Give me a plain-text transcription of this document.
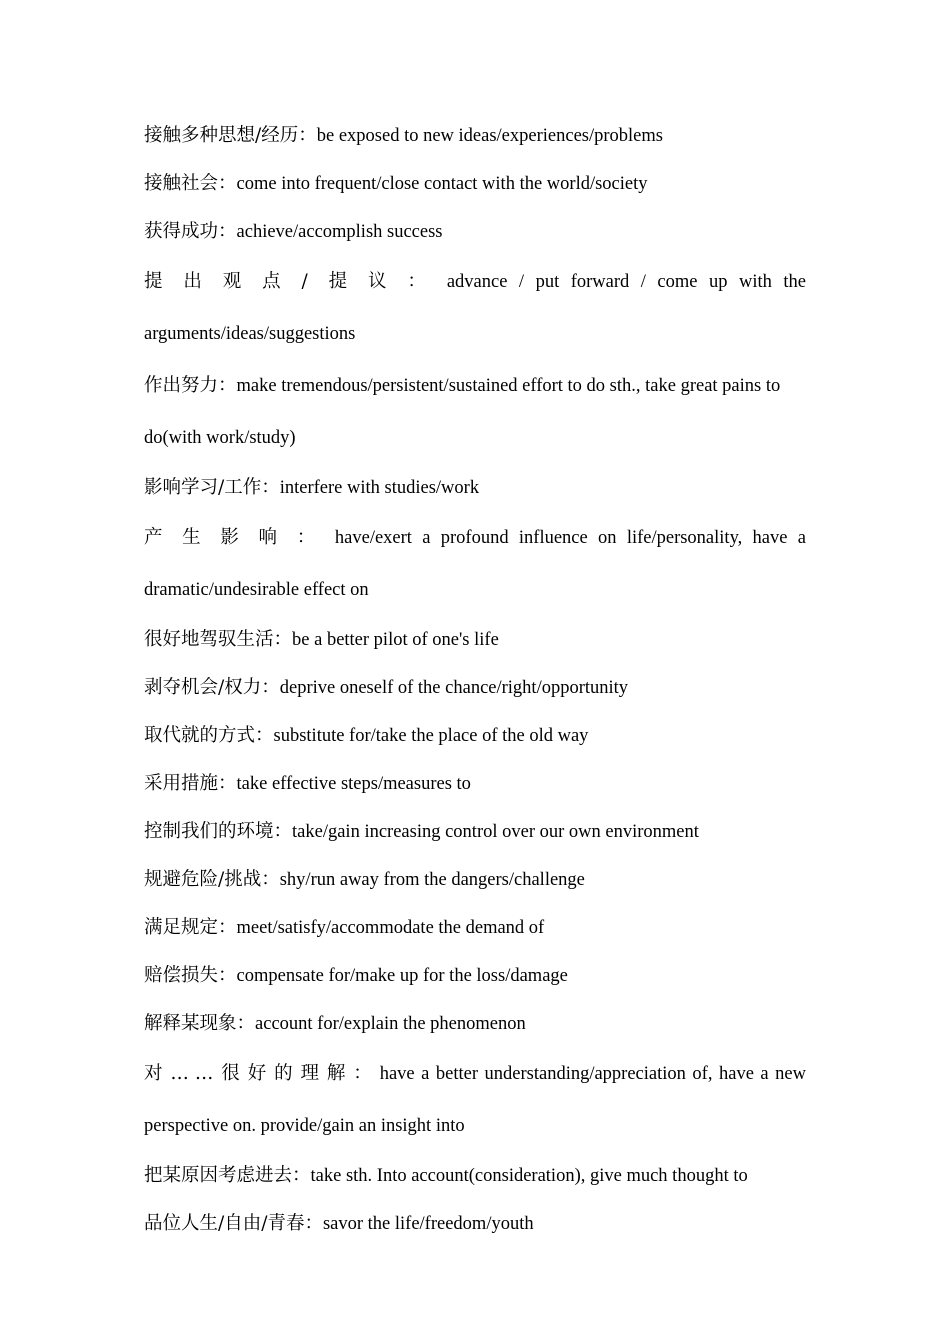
接触多种思想/经历：be exposed to new ideas/experiences/problems

接触社会：come into frequent/close contact with the world/society

获得成功：achieve/accomplish success

提出观点/提议：advance / put forward / come up with the arguments/ideas/suggestions

作出努力：make tremendous/persistent/sustained effort to do sth., take great pains to do(with work/study)

影响学习/工作：interfere with studies/work

产生影响：have/exert a profound influence on life/personality, have a dramatic/undesirable effect on

很好地驾驭生活：be a better pilot of one's life

剥夺机会/权力：deprive oneself of the chance/right/opportunity

取代就的方式：substitute for/take the place of the old way

采用措施：take effective steps/measures to

控制我们的环境：take/gain increasing control over our own environment

规避危险/挑战：shy/run away from the dangers/challenge

满足规定：meet/satisfy/accommodate the demand of

赔偿损失：compensate for/make up for the loss/damage

解释某现象：account for/explain the phenomenon

对……很好的理解：have a better understanding/appreciation of, have a new perspective on. provide/gain an insight into

把某原因考虑进去：take sth. Into account(consideration), give much thought to

品位人生/自由/青春：savor the life/freedom/youth
